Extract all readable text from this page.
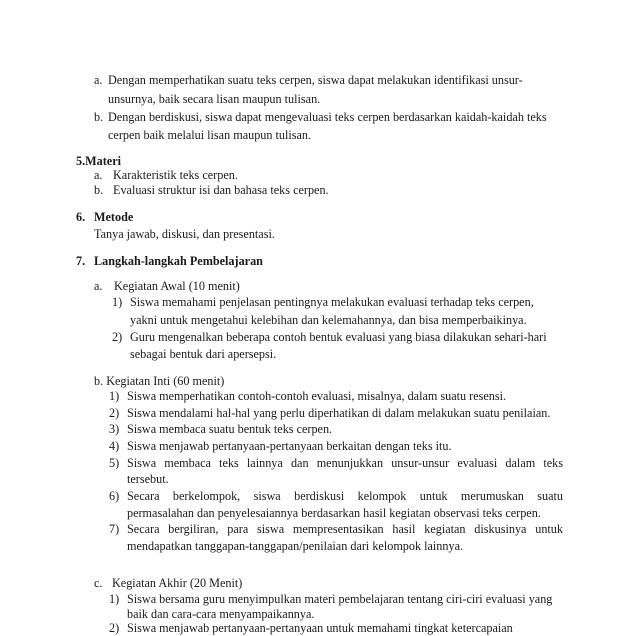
a. Dengan memperhatikan suatu teks cerpen, siswa dapat melakukan identifikasi unsur-
unsurnya, baik secara lisan maupun tulisan.
b. Dengan berdiskusi, siswa dapat mengevaluasi teks cerpen berdasarkan kaidah-kaidah teks
cerpen baik melalui lisan maupun tulisan.
5.Materi
a. Karakteristik teks cerpen.
b. Evaluasi struktur isi dan bahasa teks cerpen.
6. Metode
Tanya jawab, diskusi, dan presentasi.
7. Langkah-langkah Pembelajaran
a. Kegiatan Awal (10 menit)
1) Siswa memahami penjelasan pentingnya melakukan evaluasi terhadap teks cerpen,
yakni untuk mengetahui kelebihan dan kelemahannya, dan bisa memperbaikinya.
2) Guru mengenalkan beberapa contoh bentuk evaluasi yang biasa dilakukan sehari-hari
sebagai bentuk dari apersepsi.
b. Kegiatan Inti (60 menit)
1) Siswa memperhatikan contoh-contoh evaluasi, misalnya, dalam suatu resensi.
2) Siswa mendalami hal-hal yang perlu diperhatikan di dalam melakukan suatu penilaian.
3) Siswa membaca suatu bentuk teks cerpen.
4) Siswa menjawab pertanyaan-pertanyaan berkaitan dengan teks itu.
5) Siswa membaca teks lainnya dan menunjukkan unsur-unsur evaluasi dalam teks
tersebut.
6) Secara berkelompok, siswa berdiskusi kelompok untuk merumuskan suatu
permasalahan dan penyelesaiannya berdasarkan hasil kegiatan observasi teks cerpen.
7) Secara bergiliran, para siswa mempresentasikan hasil kegiatan diskusinya untuk
mendapatkan tanggapan-tanggapan/penilaian dari kelompok lainnya.
c. Kegiatan Akhir (20 Menit)
1) Siswa bersama guru menyimpulkan materi pembelajaran tentang ciri-ciri evaluasi yang
baik dan cara-cara menyampaikannya.
2) Siswa menjawab pertanyaan-pertanyaan untuk memahami tingkat ketercapaian
